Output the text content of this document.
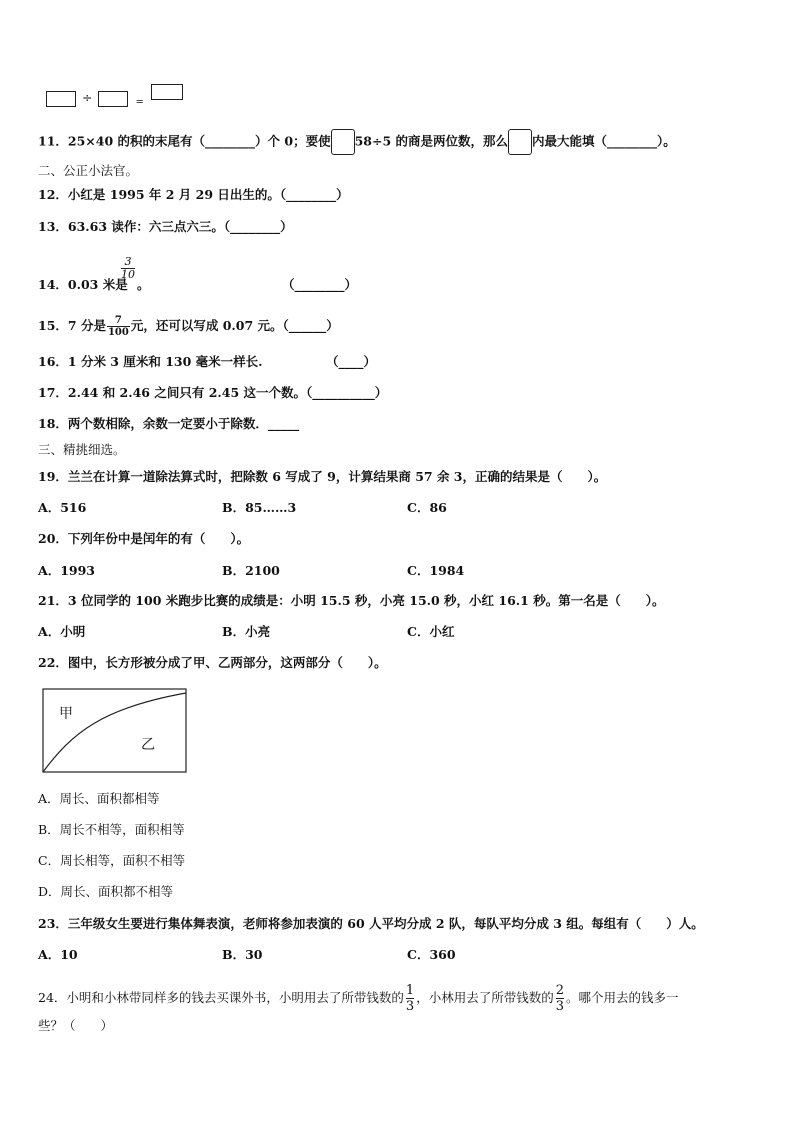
÷	$_=$
11．25×40 的积的末尾有（________）个 0；要使 58÷5 的商是两位数，那么 内最大能填（________）。
二、公正小法官。
12．小红是 1995 年 2 月 29 日出生的。（________）
13．63.63 读作：六三点六三。（________）
14．0.03 米是
$\frac{3}{10}$
。	（________）
15．7 分是 $\frac{7}{100}$ 元，还可以写成 0.07 元。（______）
16．1 分米 3 厘米和 130 毫米一样长.	（____）
17．2.44 和 2.46 之间只有 2.45 这一个数。（__________）
18．两个数相除，余数一定要小于除数．_____
三、精挑细选。
19．兰兰在计算一道除法算式时，把除数 6 写成了 9，计算结果商 57 余 3，正确的结果是（　　）。
A．516	B．85……3	C．86
20．下列年份中是闰年的有（　　）。
A．1993	B．2100	C．1984
21．3 位同学的 100 米跑步比赛的成绩是：小明 15.5 秒，小亮 15.0 秒，小红 16.1 秒。第一名是（　　）。
A．小明	B．小亮	C．小红
22．图中，长方形被分成了甲、乙两部分，这两部分（　　）。
甲
乙
A．周长、面积都相等
B．周长不相等，面积相等
C．周长相等，面积不相等
D．周长、面积都不相等
23．三年级女生要进行集体舞表演，老师将参加表演的 60 人平均分成 2 队，每队平均分成 3 组。每组有（　　）人。
A．10	B．30	C．360
24．小明和小林带同样多的钱去买课外书，小明用去了所带钱数的 $\frac{1}{3}$ ，小林用去了所带钱数的 $\frac{2}{3}$ 。哪个用去的钱多一
些？（　　）
